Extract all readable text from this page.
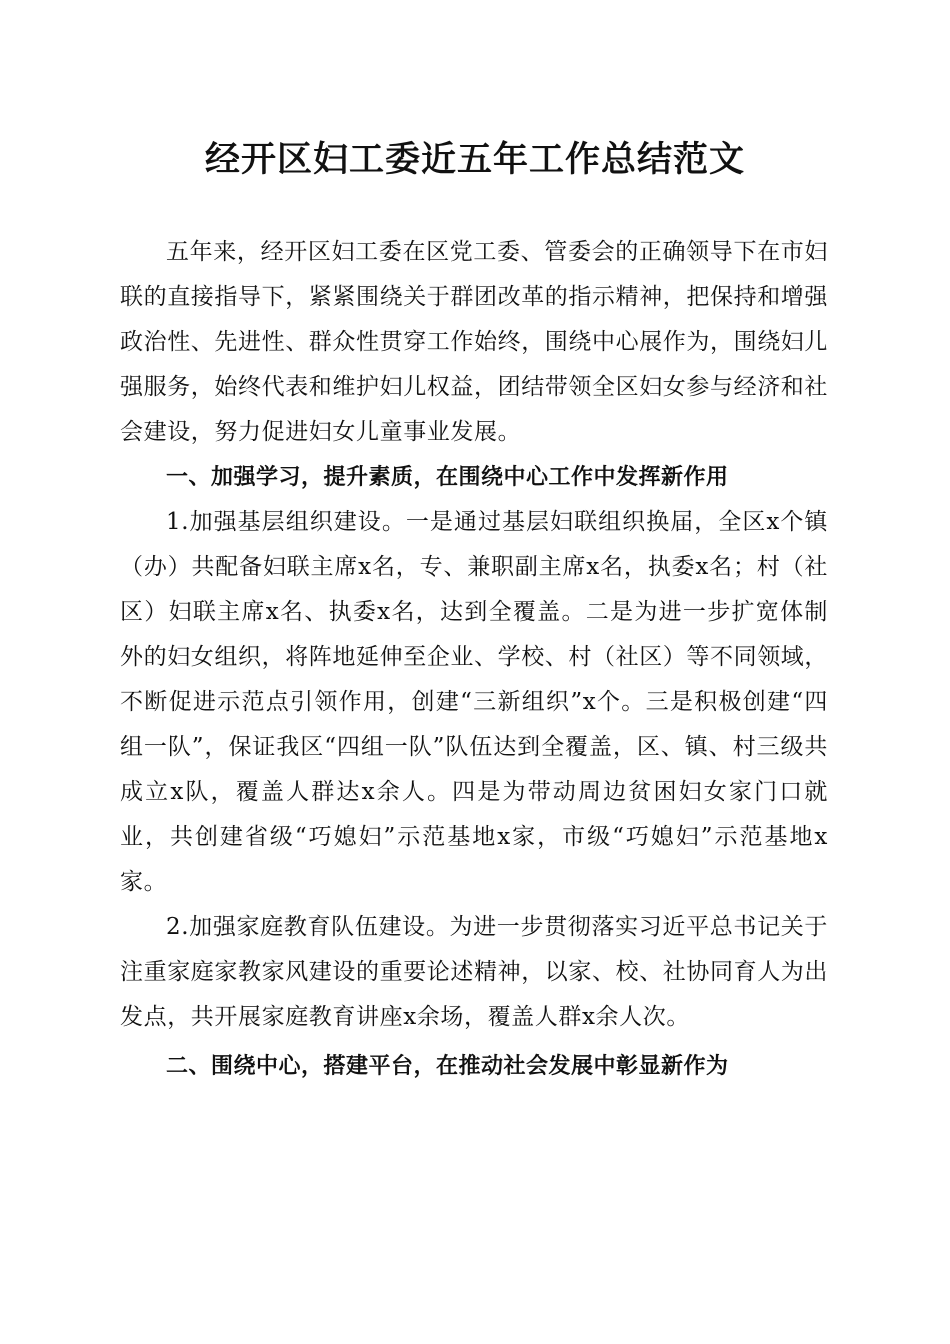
经开区妇工委近五年工作总结范文

五年来，经开区妇工委在区党工委、管委会的正确领导下在市妇联的直接指导下，紧紧围绕关于群团改革的指示精神，把保持和增强政治性、先进性、群众性贯穿工作始终，围绕中心展作为，围绕妇儿强服务，始终代表和维护妇儿权益，团结带领全区妇女参与经济和社会建设，努力促进妇女儿童事业发展。

一、加强学习，提升素质，在围绕中心工作中发挥新作用

1.加强基层组织建设。一是通过基层妇联组织换届，全区x个镇（办）共配备妇联主席x名，专、兼职副主席x名，执委x名；村（社区）妇联主席x名、执委x名，达到全覆盖。二是为进一步扩宽体制外的妇女组织，将阵地延伸至企业、学校、村（社区）等不同领域，不断促进示范点引领作用，创建“三新组织”x个。三是积极创建“四组一队”，保证我区“四组一队”队伍达到全覆盖，区、镇、村三级共成立x队，覆盖人群达x余人。四是为带动周边贫困妇女家门口就业，共创建省级“巧媳妇”示范基地x家，市级“巧媳妇”示范基地x家。

2.加强家庭教育队伍建设。为进一步贯彻落实习近平总书记关于注重家庭家教家风建设的重要论述精神，以家、校、社协同育人为出发点，共开展家庭教育讲座x余场，覆盖人群x余人次。

二、围绕中心，搭建平台，在推动社会发展中彰显新作为
